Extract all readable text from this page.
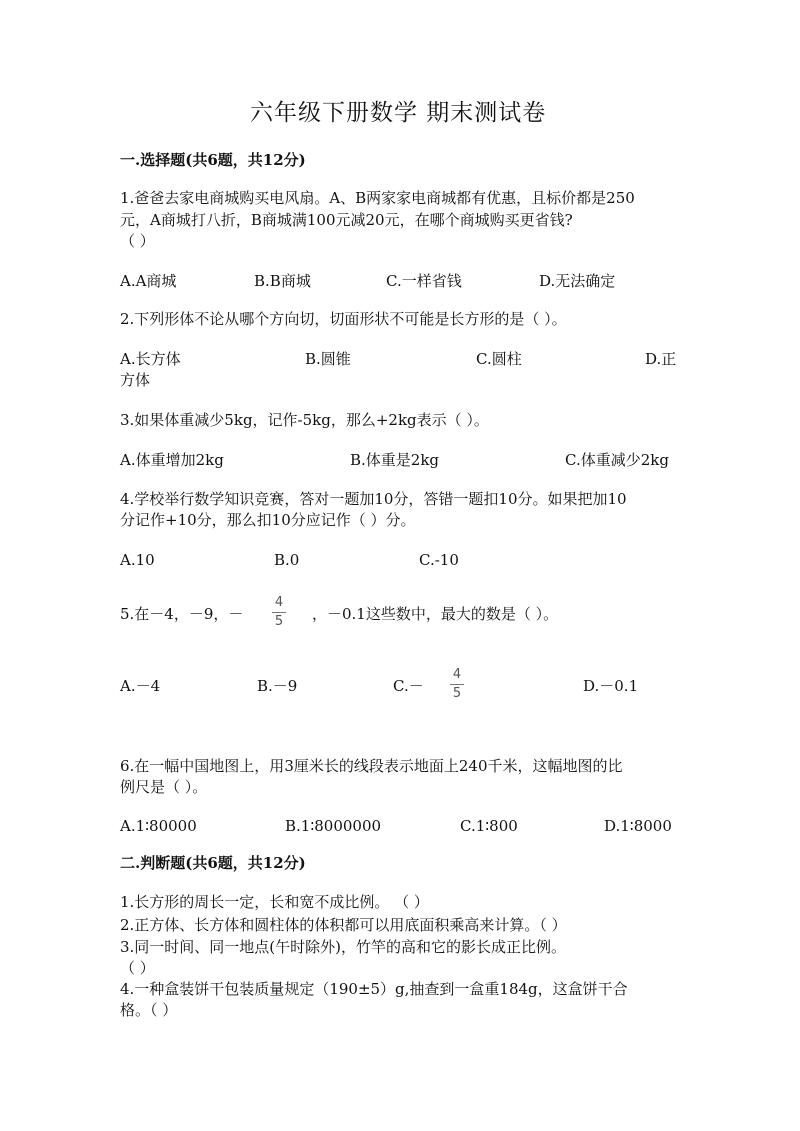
六年级下册数学 期末测试卷
一.选择题(共6题，共12分)
1.爸爸去家电商城购买电风扇。A、B两家家电商城都有优惠，且标价都是250
元，A商城打八折，B商城满100元减20元，在哪个商城购买更省钱?
（ ）
A.A商城	B.B商城	C.一样省钱	D.无法确定
2.下列形体不论从哪个方向切，切面形状不可能是长方形的是（ ）。
A.长方体	B.圆锥	C.圆柱	D.正
方体
3.如果体重减少5kg，记作-5kg，那么+2kg表示（ ）。
A.体重增加2kg	B.体重是2kg	C.体重减少2kg
4.学校举行数学知识竞赛，答对一题加10分，答错一题扣10分。如果把加10
分记作+10分，那么扣10分应记作（ ）分。
A.10	B.0	C.-10
5.在－4，－9，－
4
5 ，－0.1这些数中，最大的数是（ ）。
A.－4	B.－9	C.－
4
5	D.－0.1
6.在一幅中国地图上，用3厘米长的线段表示地面上240千米，这幅地图的比
例尺是（ ）。
A.1∶80000	B.1∶8000000	C.1∶800	D.1∶8000
二.判断题(共6题，共12分)
1.长方形的周长一定，长和宽不成比例。 （ ）
2.正方体、长方体和圆柱体的体积都可以用底面积乘高来计算。（ ）
3.同一时间、同一地点(午时除外)，竹竿的高和它的影长成正比例。
（ ）
4.一种盒装饼干包装质量规定（190±5）g,抽查到一盒重184g，这盒饼干合
格。（ ）
